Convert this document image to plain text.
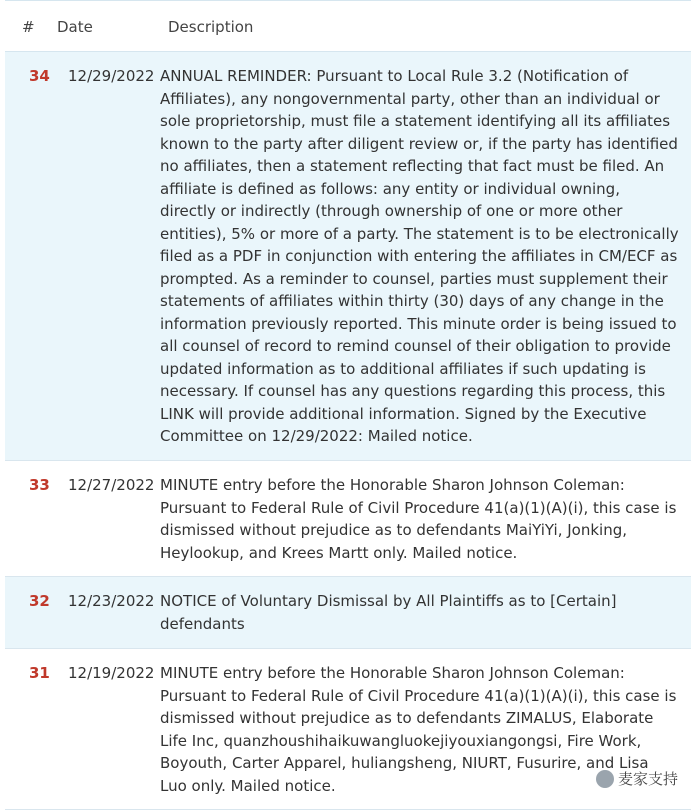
# Date	Description
34 12/29/2022 ANNUAL REMINDER: Pursuant to Local Rule 3.2 (Notification of Affiliates), any nongovernmental party, other than an individual or sole proprietorship, must file a statement identifying all its affiliates known to the party after diligent review or, if the party has identified no affiliates, then a statement reflecting that fact must be filed. An affiliate is defined as follows: any entity or individual owning, directly or indirectly (through ownership of one or more other entities), 5% or more of a party. The statement is to be electronically filed as a PDF in conjunction with entering the affiliates in CM/ECF as prompted. As a reminder to counsel, parties must supplement their statements of affiliates within thirty (30) days of any change in the information previously reported. This minute order is being issued to all counsel of record to remind counsel of their obligation to provide updated information as to additional affiliates if such updating is necessary. If counsel has any questions regarding this process, this LINK will provide additional information. Signed by the Executive Committee on 12/29/2022: Mailed notice.
33 12/27/2022 MINUTE entry before the Honorable Sharon Johnson Coleman: Pursuant to Federal Rule of Civil Procedure 41(a)(1)(A)(i), this case is dismissed without prejudice as to defendants MaiYiYi, Jonking, Heylookup, and Krees Martt only. Mailed notice.
32 12/23/2022 NOTICE of Voluntary Dismissal by All Plaintiffs as to [Certain] defendants
31 12/19/2022 MINUTE entry before the Honorable Sharon Johnson Coleman: Pursuant to Federal Rule of Civil Procedure 41(a)(1)(A)(i), this case is dismissed without prejudice as to defendants ZIMALUS, Elaborate Life Inc, quanzhoushihaikuwangluokejiyouxiangongsi, Fire Work, Boyouth, Carter Apparel, huliangsheng, NIURT, Fusurire, and Lisa Luo only. Mailed notice.	麦家支持
